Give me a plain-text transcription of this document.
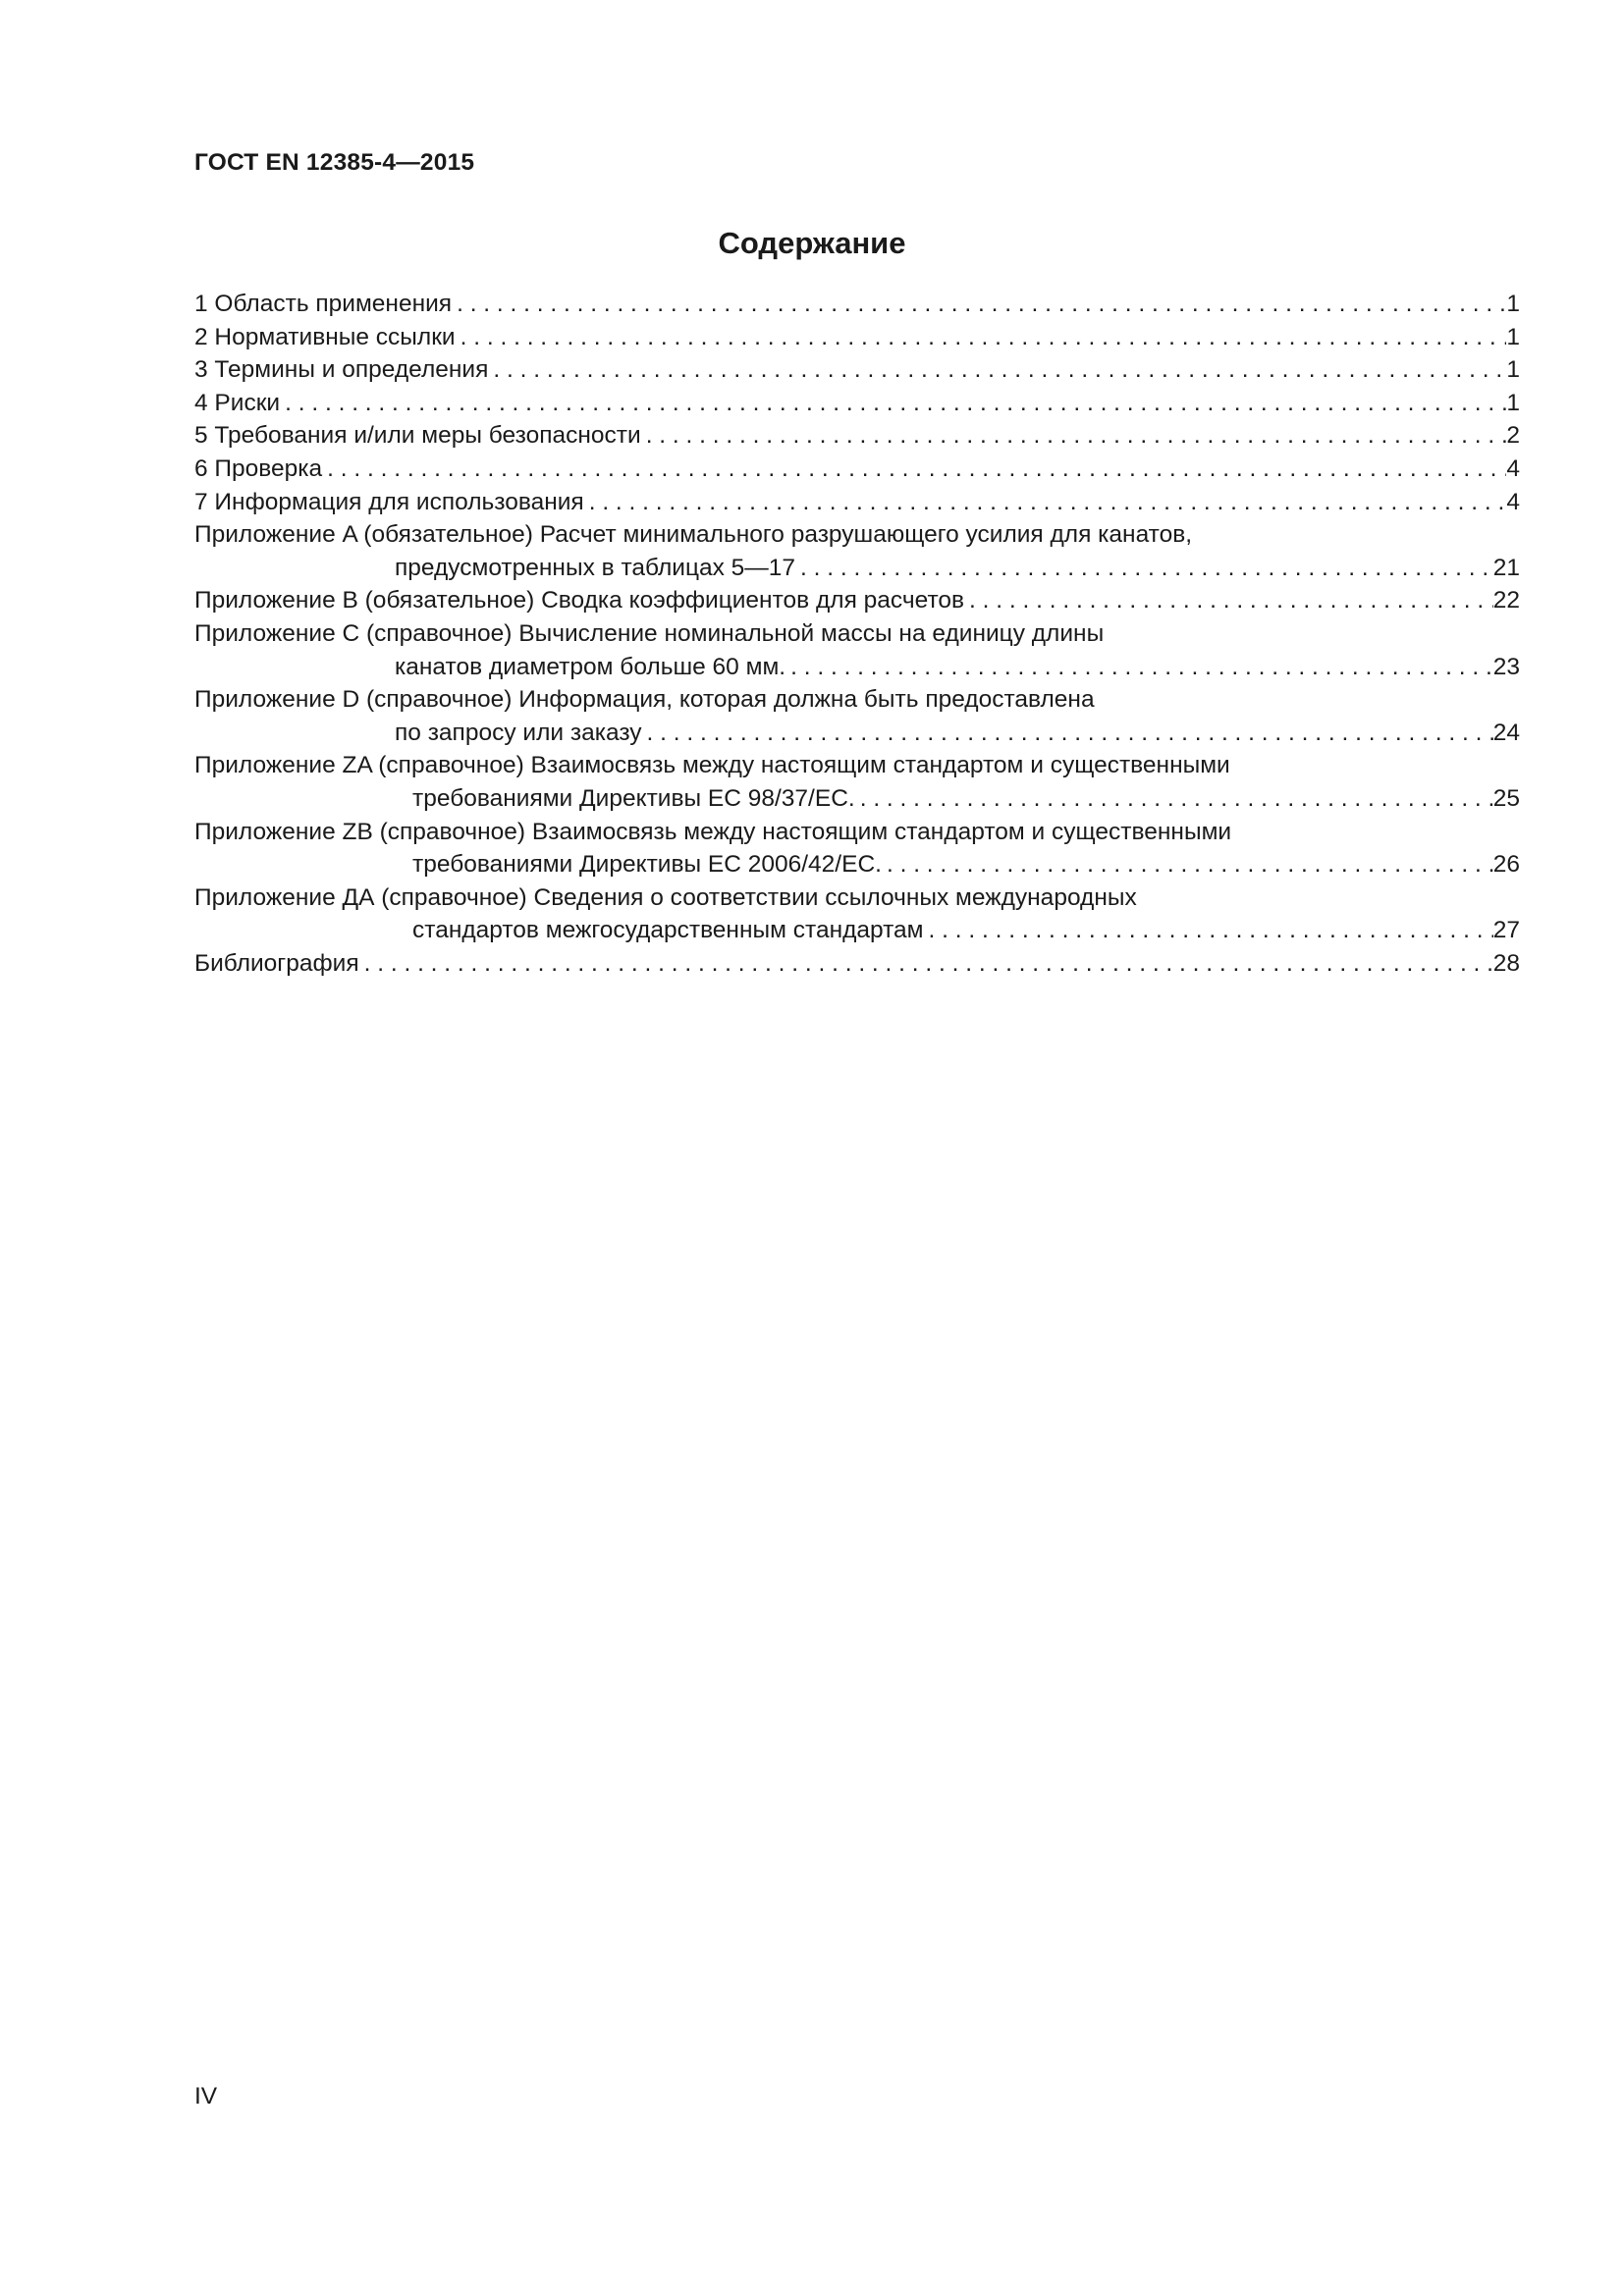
ГОСТ EN 12385-4—2015
Содержание
1 Область применения . . .	1
2 Нормативные ссылки . . .	1
3 Термины и определения . . .	1
4 Риски . . .	1
5 Требования и/или меры безопасности . . .	2
6 Проверка . . .	4
7 Информация для использования . . .	4
Приложение A (обязательное) Расчет минимального разрушающего усилия для канатов,
предусмотренных в таблицах 5—17 . . .	21
Приложение B (обязательное) Сводка коэффициентов для расчетов . . .	22
Приложение C (справочное) Вычисление номинальной массы на единицу длины
канатов диаметром больше 60 мм. . . .	23
Приложение D (справочное) Информация, которая должна быть предоставлена
по запросу или заказу . . .	24
Приложение ZA (справочное) Взаимосвязь между настоящим стандартом и существенными
требованиями Директивы ЕС 98/37/ЕС. . . .	25
Приложение ZB (справочное) Взаимосвязь между настоящим стандартом и существенными
требованиями Директивы ЕС 2006/42/ЕС. . . .	26
Приложение ДА (справочное) Сведения о соответствии ссылочных международных
стандартов межгосударственным стандартам . . .	27
Библиография . . .	28
IV
